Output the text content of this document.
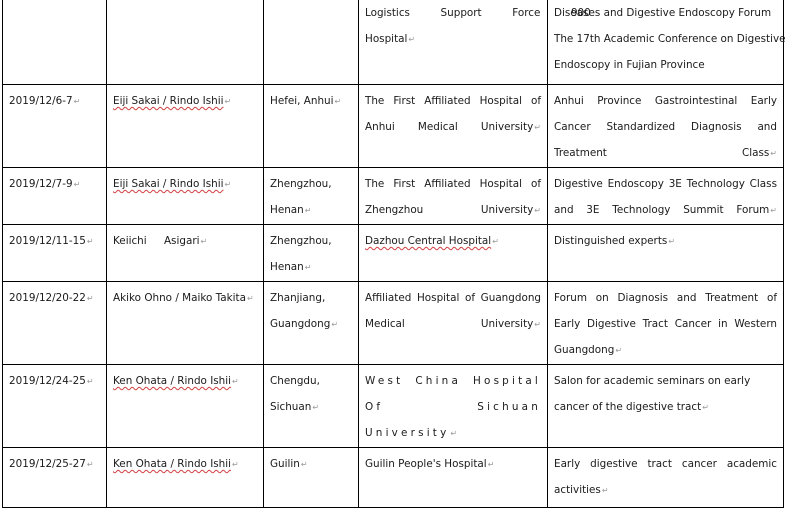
			Logistics  Support  Force  900
Hospital↵	Diseases and Digestive Endoscopy Forum
The 17th Academic Conference on Digestive
Endoscopy in Fujian Province

2019/12/6-7↵	Eiji Sakai / Rindo Ishii↵	Hefei, Anhui↵	The First Affiliated Hospital of Anhui Medical University↵	Anhui Province Gastrointestinal Early Cancer Standardized Diagnosis and Treatment Class↵
2019/12/7-9↵	Eiji Sakai / Rindo Ishii↵	Zhengzhou, Henan↵	The First Affiliated Hospital of Zhengzhou University↵	Digestive Endoscopy 3E Technology Class and 3E Technology Summit Forum↵
2019/12/11-15↵	Keiichi Asigari↵	Zhengzhou, Henan↵	Dazhou Central Hospital↵	Distinguished experts↵
2019/12/20-22↵	Akiko Ohno / Maiko Takita↵	Zhanjiang, Guangdong↵	Affiliated Hospital of Guangdong Medical University↵	Forum on Diagnosis and Treatment of Early Digestive Tract Cancer in Western Guangdong↵
2019/12/24-25↵	Ken Ohata / Rindo Ishii↵	Chengdu, Sichuan↵	West China Hospital Of Sichuan University↵	Salon for academic seminars on early cancer of the digestive tract↵
2019/12/25-27↵	Ken Ohata / Rindo Ishii↵	Guilin↵	Guilin People's Hospital↵	Early digestive tract cancer academic activities↵
